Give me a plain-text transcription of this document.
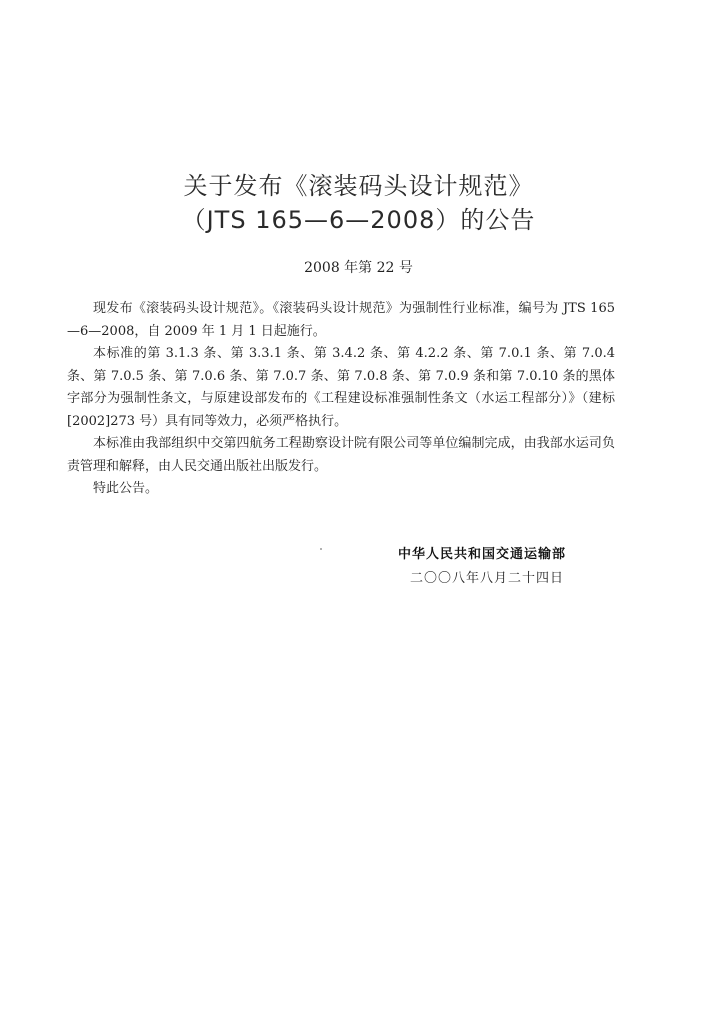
关于发布《滚装码头设计规范》
（JTS 165—6—2008）的公告
2008 年第 22 号

现发布《滚装码头设计规范》。《滚装码头设计规范》为强制性行业标准，编号为 JTS 165—6—2008，自 2009 年 1 月 1 日起施行。

本标准的第 3.1.3 条、第 3.3.1 条、第 3.4.2 条、第 4.2.2 条、第 7.0.1 条、第 7.0.4 条、第 7.0.5 条、第 7.0.6 条、第 7.0.7 条、第 7.0.8 条、第 7.0.9 条和第 7.0.10 条的黑体字部分为强制性条文，与原建设部发布的《工程建设标准强制性条文（水运工程部分）》（建标[2002]273 号）具有同等效力，必须严格执行。

本标准由我部组织中交第四航务工程勘察设计院有限公司等单位编制完成，由我部水运司负责管理和解释，由人民交通出版社出版发行。

特此公告。

中华人民共和国交通运输部
二〇〇八年八月二十四日
